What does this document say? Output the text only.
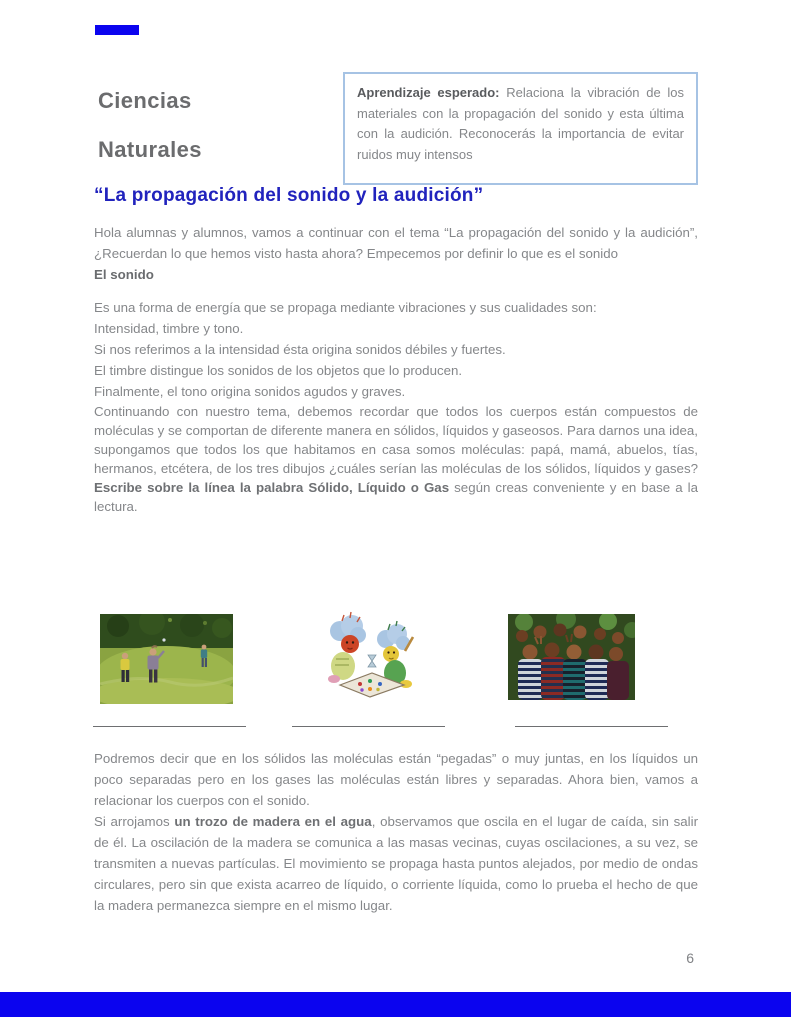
Ciencias
Naturales
Aprendizaje esperado: Relaciona la vibración de los materiales con la propagación del sonido y esta última con la audición. Reconocerás la importancia de evitar ruidos muy intensos
“La propagación del sonido y la audición”

Hola alumnas y alumnos, vamos a continuar con el tema “La propagación del sonido y la audición”, ¿Recuerdan lo que hemos visto hasta ahora? Empecemos por definir lo que es el sonido

El sonido

Es una forma de energía que se propaga mediante vibraciones y sus cualidades son:

Intensidad, timbre y tono.

Si nos referimos a la intensidad ésta origina sonidos débiles y fuertes.

El timbre distingue los sonidos de los objetos que lo producen.

Finalmente, el tono origina sonidos agudos y graves.

Continuando con nuestro tema, debemos recordar que todos los cuerpos están compuestos de moléculas y se comportan de diferente manera en sólidos, líquidos y gaseosos. Para darnos una idea, supongamos que todos los que habitamos en casa somos moléculas: papá, mamá, abuelos, tías, hermanos, etcétera, de los tres dibujos ¿cuáles serían las moléculas de los sólidos, líquidos y gases? Escribe sobre la línea la palabra Sólido, Líquido o Gas según creas conveniente y en base a la lectura.

Podremos decir que en los sólidos las moléculas están “pegadas” o muy juntas, en los líquidos un poco separadas pero en los gases las moléculas están libres y separadas. Ahora bien, vamos a relacionar los cuerpos con el sonido.

Si arrojamos un trozo de madera en el agua, observamos que oscila en el lugar de caída, sin salir de él. La oscilación de la madera se comunica a las masas vecinas, cuyas oscilaciones, a su vez, se transmiten a nuevas partículas. El movimiento se propaga hasta puntos alejados, por medio de ondas circulares, pero sin que exista acarreo de líquido, o corriente líquida, como lo prueba el hecho de que la madera permanezca siempre en el mismo lugar.

6
